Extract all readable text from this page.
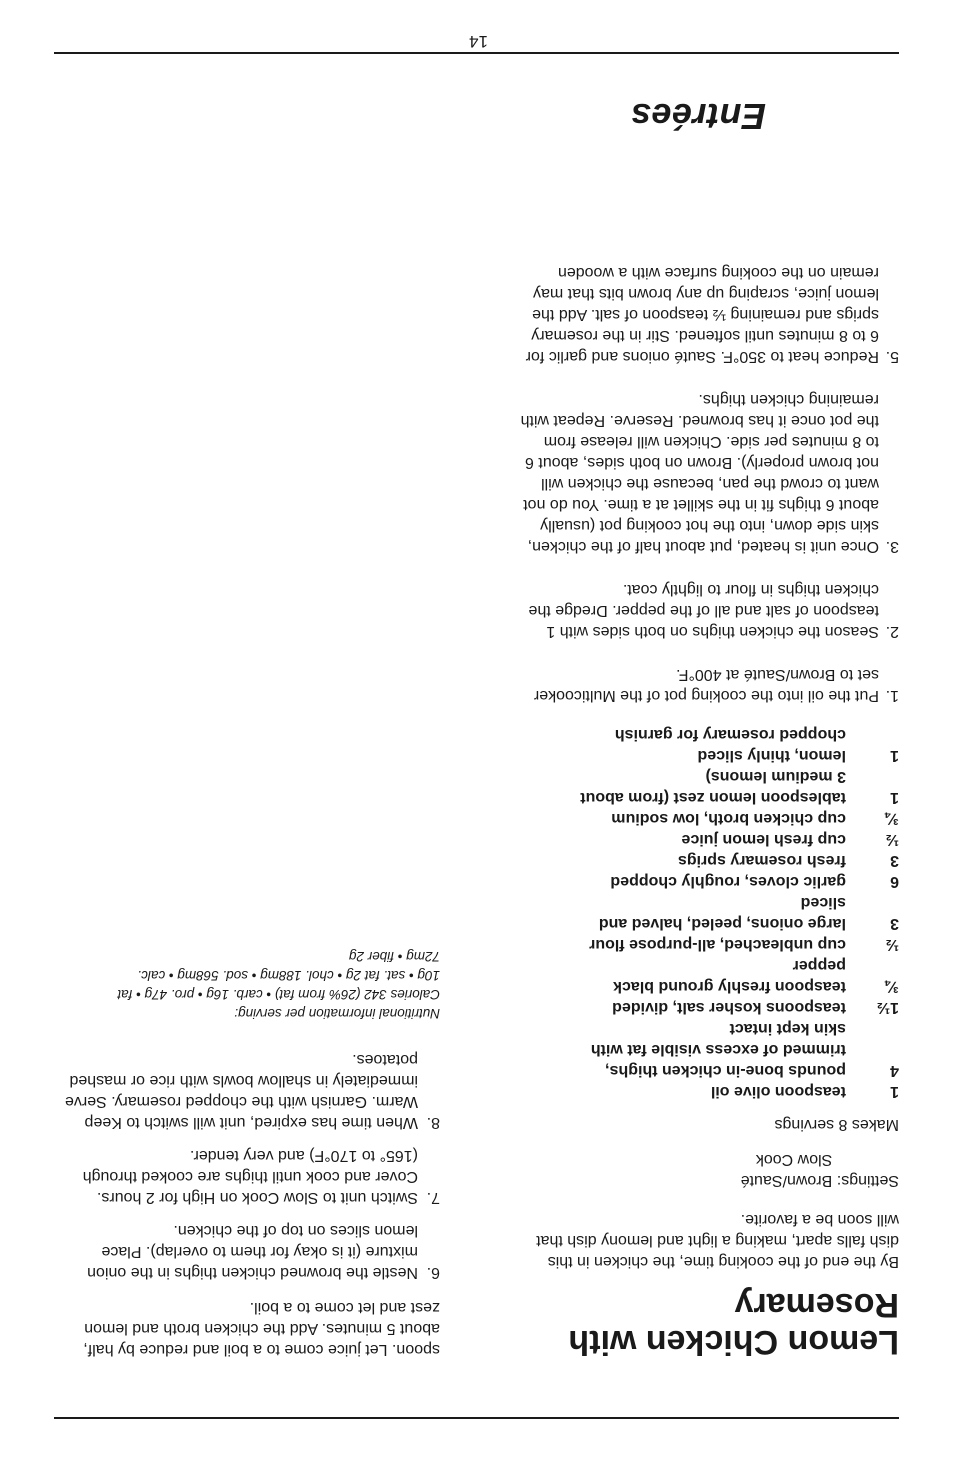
Entrées
14
Lemon Chicken with
Rosemary
By the end of the cooking time, the chicken in this dish falls apart, making a light and lemony dish that will soon be a favorite.
Settings:
Brown/Sauté
Slow Cook
Makes 8 servings
1
teaspoon olive oil
4
pounds bone-in chicken thighs, trimmed of excess visible fat with skin kept intact
1½
teaspoons kosher salt, divided
¾
teaspoon freshly ground black pepper
½
cup unbleached, all-purpose flour
3
large onions, peeled, halved and sliced
6
garlic cloves, roughly chopped
3
fresh rosemary sprigs
½
cup fresh lemon juice
¾
cup chicken broth, low sodium
1
tablespoon lemon zest (from about 3 medium lemons)
1
lemon, thinly sliced
chopped rosemary for garnish
1.
Put the oil into the cooking pot of the Multicooker set to Brown/Sauté at 400°F.
2.
Season the chicken thighs on both sides with 1 teaspoon of salt and all of the pepper. Dredge the chicken thighs in flour to lightly coat.
3.
Once unit is heated, put about half of the chicken, skin side down, into the hot cooking pot (usually about 6 thighs fit in the skillet at a time. You do not want to crowd the pan, because the chicken will not brown properly). Brown on both sides, about 6 to 8 minutes per side. Chicken will release from the pot once it has browned. Reserve. Repeat with remaining chicken thighs.
5.
Reduce heat to 350°F. Sauté onions and garlic for 6 to 8 minutes until softened. Stir in the rosemary sprigs and remaining ½ teaspoon of salt. Add the lemon juice, scraping up any brown bits that may remain on the cooking surface with a wooden
spoon. Let juice come to a boil and reduce by half, about 5 minutes. Add the chicken broth and lemon zest and let come to a boil.
6.
Nestle the browned chicken thighs in the onion mixture (it is okay for them to overlap). Place lemon slices on top of the chicken.
7.
Switch unit to Slow Cook on High for 2 hours. Cover and cook until thighs are cooked through (165° to 170°F) and very tender.
8.
When time has expired, unit will switch to Keep Warm. Garnish with the chopped rosemary. Serve immediately in shallow bowls with rice or mashed potatoes.
Nutritional information per serving:
Calories 342 (26% from fat) • carb. 16g • pro. 47g • fat 10g • sat. fat 2g • chol. 188mg • sod. 568mg • calc. 72mg • fiber 2g
